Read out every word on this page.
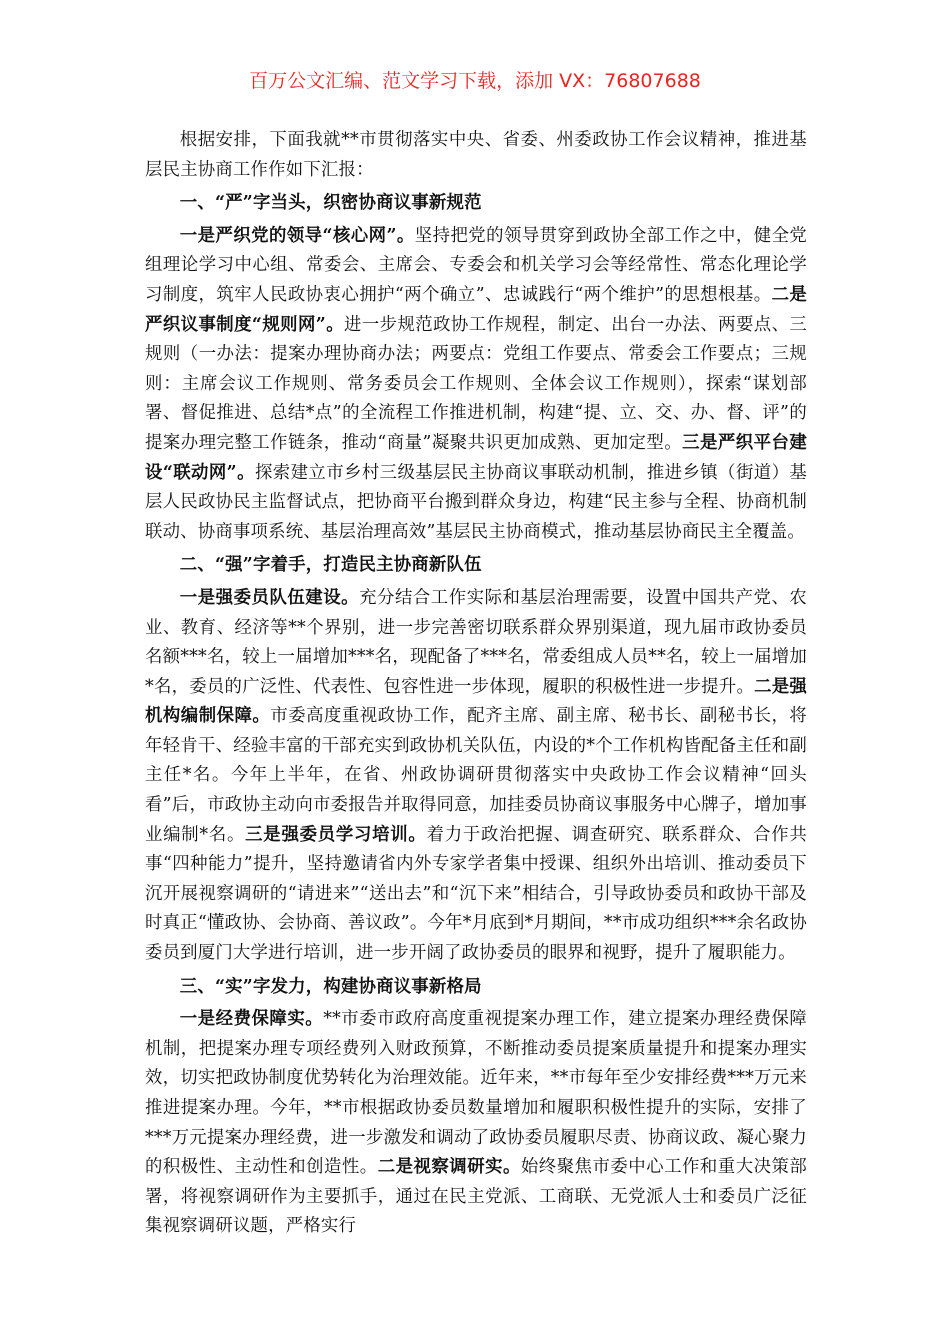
百万公文汇编、范文学习下载，添加 VX：76807688

根据安排，下面我就**市贯彻落实中央、省委、州委政协工作会议精神，推进基层民主协商工作作如下汇报：

一、“严”字当头，织密协商议事新规范

一是严织党的领导“核心网”。坚持把党的领导贯穿到政协全部工作之中，健全党组理论学习中心组、常委会、主席会、专委会和机关学习会等经常性、常态化理论学习制度，筑牢人民政协衷心拥护“两个确立”、忠诚践行“两个维护”的思想根基。二是严织议事制度“规则网”。进一步规范政协工作规程，制定、出台一办法、两要点、三规则（一办法：提案办理协商办法；两要点：党组工作要点、常委会工作要点；三规则：主席会议工作规则、常务委员会工作规则、全体会议工作规则），探索“谋划部署、督促推进、总结*点”的全流程工作推进机制，构建“提、立、交、办、督、评”的提案办理完整工作链条，推动“商量”凝聚共识更加成熟、更加定型。三是严织平台建设“联动网”。探索建立市乡村三级基层民主协商议事联动机制，推进乡镇（街道）基层人民政协民主监督试点，把协商平台搬到群众身边，构建“民主参与全程、协商机制联动、协商事项系统、基层治理高效”基层民主协商模式，推动基层协商民主全覆盖。

二、“强”字着手，打造民主协商新队伍

一是强委员队伍建设。充分结合工作实际和基层治理需要，设置中国共产党、农业、教育、经济等**个界别，进一步完善密切联系群众界别渠道，现九届市政协委员名额***名，较上一届增加***名，现配备了***名，常委组成人员**名，较上一届增加*名，委员的广泛性、代表性、包容性进一步体现，履职的积极性进一步提升。二是强机构编制保障。市委高度重视政协工作，配齐主席、副主席、秘书长、副秘书长，将年轻肯干、经验丰富的干部充实到政协机关队伍，内设的*个工作机构皆配备主任和副主任*名。今年上半年，在省、州政协调研贯彻落实中央政协工作会议精神“回头看”后，市政协主动向市委报告并取得同意，加挂委员协商议事服务中心牌子，增加事业编制*名。三是强委员学习培训。着力于政治把握、调查研究、联系群众、合作共事“四种能力”提升，坚持邀请省内外专家学者集中授课、组织外出培训、推动委员下沉开展视察调研的“请进来”“送出去”和“沉下来”相结合，引导政协委员和政协干部及时真正“懂政协、会协商、善议政”。今年*月底到*月期间，**市成功组织***余名政协委员到厦门大学进行培训，进一步开阔了政协委员的眼界和视野，提升了履职能力。

三、“实”字发力，构建协商议事新格局

一是经费保障实。**市委市政府高度重视提案办理工作，建立提案办理经费保障机制，把提案办理专项经费列入财政预算，不断推动委员提案质量提升和提案办理实效，切实把政协制度优势转化为治理效能。近年来，**市每年至少安排经费***万元来推进提案办理。今年，**市根据政协委员数量增加和履职积极性提升的实际，安排了***万元提案办理经费，进一步激发和调动了政协委员履职尽责、协商议政、凝心聚力的积极性、主动性和创造性。二是视察调研实。始终聚焦市委中心工作和重大决策部署，将视察调研作为主要抓手，通过在民主党派、工商联、无党派人士和委员广泛征集视察调研议题，严格实行
